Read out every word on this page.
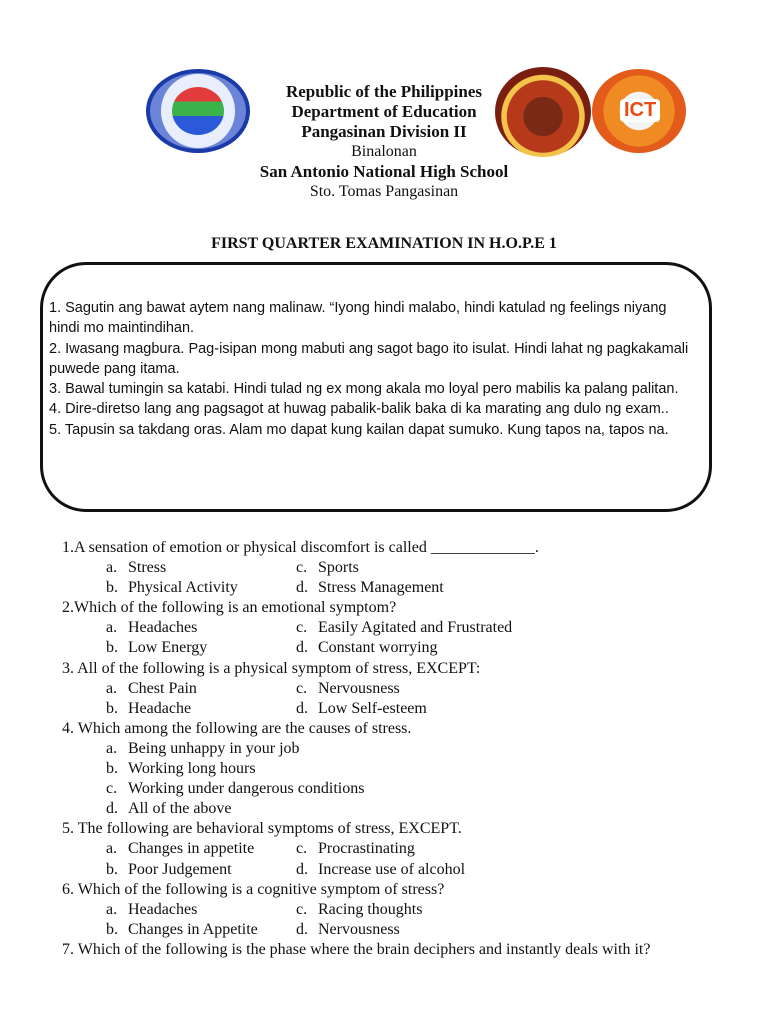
ICT
Republic of the Philippines
Department of Education
Pangasinan Division II
Binalonan
San Antonio National High School
Sto. Tomas Pangasinan
FIRST QUARTER EXAMINATION IN H.O.P.E 1

1. Sagutin ang bawat aytem nang malinaw. “Iyong hindi malabo, hindi katulad ng feelings niyang hindi mo maintindihan.

2. Iwasang magbura. Pag-isipan mong mabuti ang sagot bago ito isulat. Hindi lahat ng pagkakamali puwede pang itama.

3. Bawal tumingin sa katabi. Hindi tulad ng ex mong akala mo loyal pero mabilis ka palang palitan.

4. Dire-diretso lang ang pagsagot at huwag pabalik-balik baka di ka marating ang dulo ng exam..

5. Tapusin sa takdang oras. Alam mo dapat kung kailan dapat sumuko. Kung tapos na, tapos na.

1.A sensation of emotion or physical discomfort is called _____________.

a. Stress	c. Sports

b. Physical Activity	d. Stress Management

2.Which of the following is an emotional symptom?

a. Headaches	c. Easily Agitated and Frustrated

b. Low Energy	d. Constant worrying

3. All of the following is a physical symptom of stress, EXCEPT:

a. Chest Pain	c. Nervousness

b. Headache	d. Low Self-esteem

4. Which among the following are the causes of stress.

a. Being unhappy in your job

b. Working long hours

c. Working under dangerous conditions

d. All of the above

5. The following are behavioral symptoms of stress, EXCEPT.

a. Changes in appetite	c. Procrastinating

b. Poor Judgement	d. Increase use of alcohol

6. Which of the following is a cognitive symptom of stress?

a. Headaches	c. Racing thoughts

b. Changes in Appetite	d. Nervousness

7. Which of the following is the phase where the brain deciphers and instantly deals with it?
